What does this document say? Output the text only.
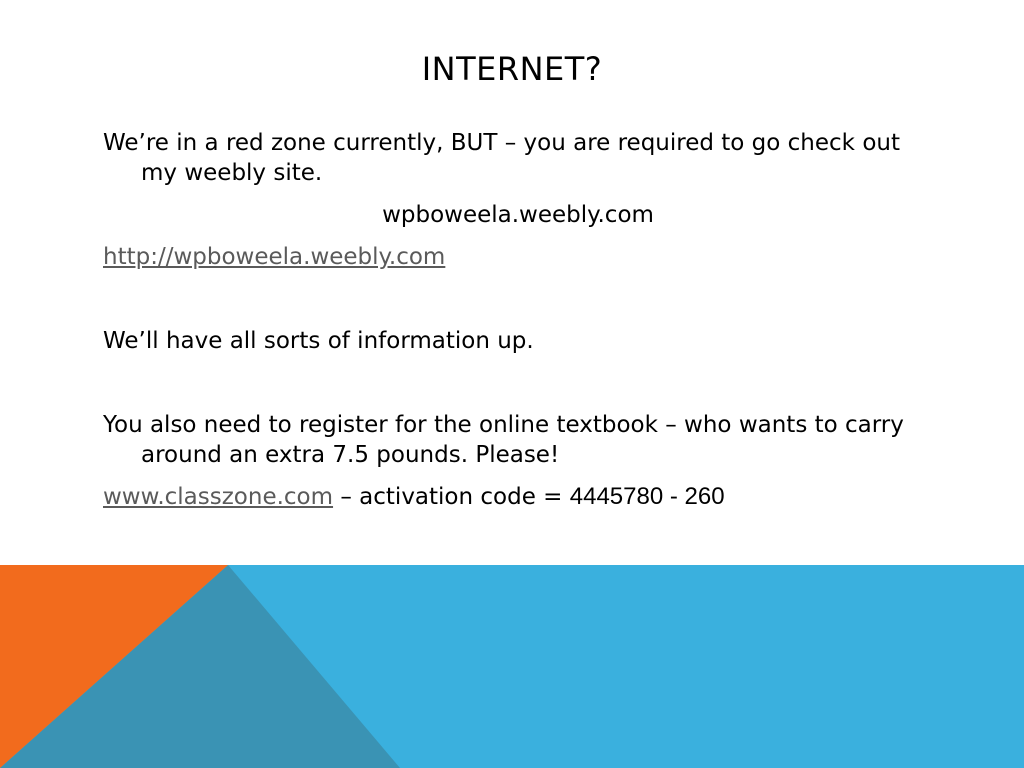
INTERNET?

We’re in a red zone currently, BUT – you are required to go check out my weebly site.

wpboweela.weebly.com

http://wpboweela.weebly.com

We’ll have all sorts of information up.

You also need to register for the online textbook – who wants to carry around an extra 7.5 pounds. Please!

www.classzone.com – activation code = 4445780 - 260
